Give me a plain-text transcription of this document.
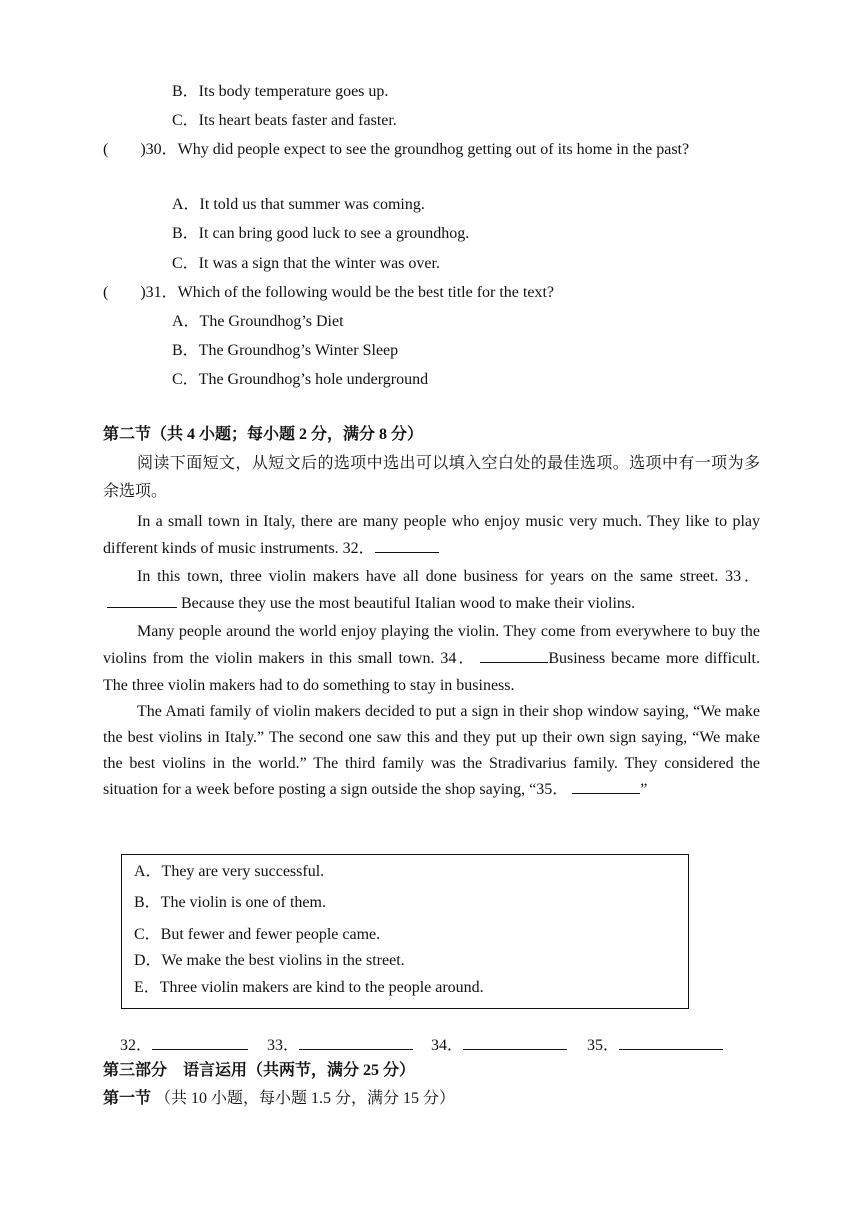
B．Its body temperature goes up.
C．Its heart beats faster and faster.
(        )30．Why did people expect to see the groundhog getting out of its home in the past?
A．It told us that summer was coming.
B．It can bring good luck to see a groundhog.
C．It was a sign that the winter was over.
(        )31．Which of the following would be the best title for the text?
A．The Groundhog’s Diet
B．The Groundhog’s Winter Sleep
C．The Groundhog’s hole underground
第二节（共 4 小题；每小题 2 分，满分 8 分）
阅读下面短文，从短文后的选项中选出可以填入空白处的最佳选项。选项中有一项为多余选项。
In a small town in Italy, there are many people who enjoy music very much. They like to play different kinds of music instruments. 32．
In this town, three violin makers have all done business for years on the same street. 33． Because they use the most beautiful Italian wood to make their violins.
Many people around the world enjoy playing the violin. They come from everywhere to buy the violins from the violin makers in this small town. 34．	Business became more difficult. The three violin makers had to do something to stay in business.
The Amati family of violin makers decided to put a sign in their shop window saying, “We make the best violins in Italy.” The second one saw this and they put up their own sign saying, “We make the best violins in the world.” The third family was the Stradivarius family. They considered the situation for a week before posting a sign outside the shop saying, “35．	”
A．They are very successful.
B．The violin is one of them.
C．But fewer and fewer people came.
D．We make the best violins in the street.
E．Three violin makers are kind to the people around.
32．	33．	34．	35．
第三部分　语言运用（共两节，满分 25 分）
第一节 （共 10 小题，每小题 1.5 分，满分 15 分）
